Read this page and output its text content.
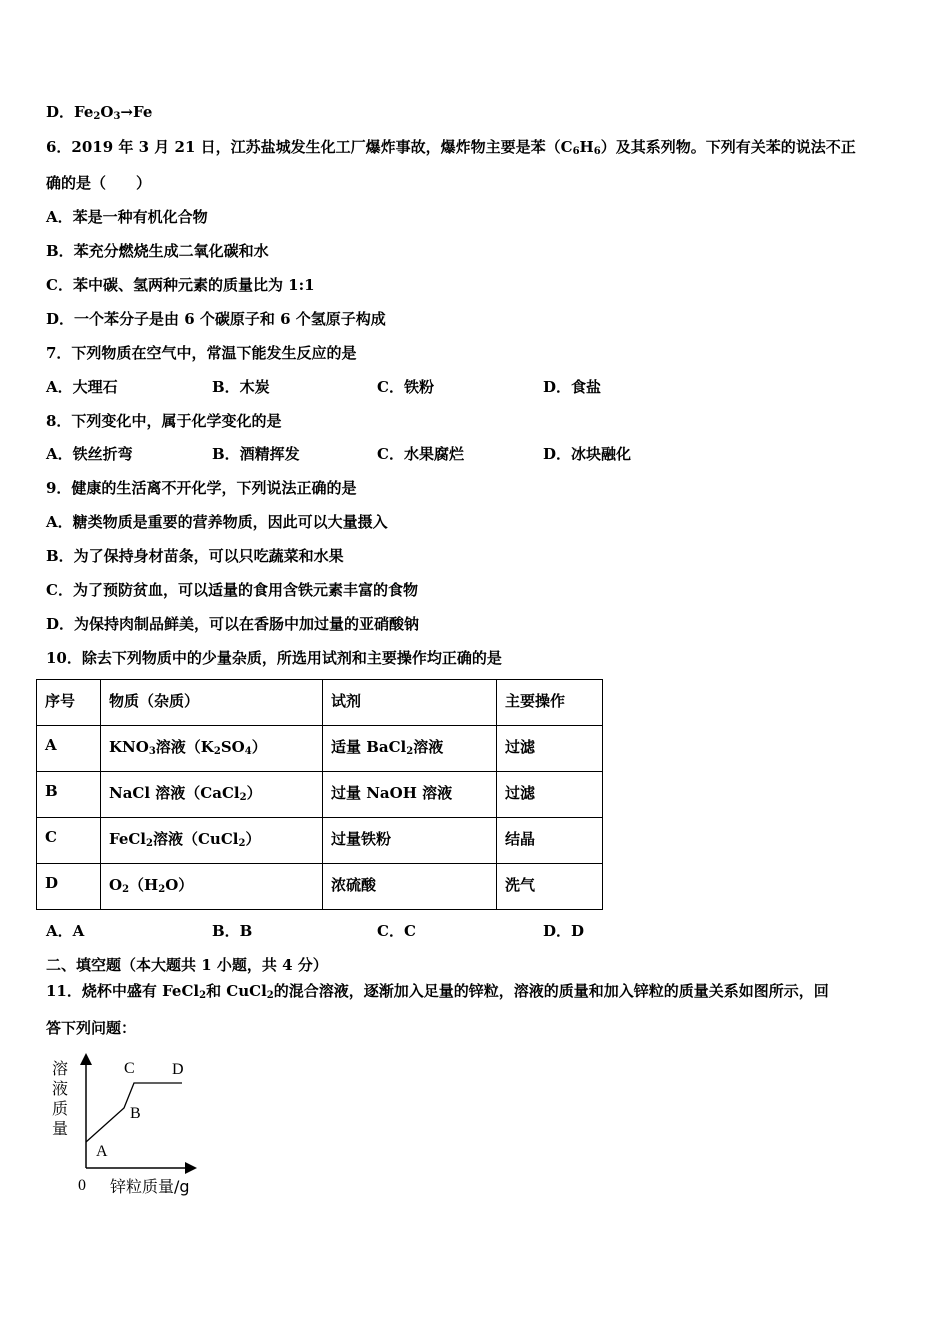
D．$Fe_2O_3\to Fe$
6．2019 年 3 月 21 日，江苏盐城发生化工厂爆炸事故，爆炸物主要是苯$(C_6H_6)$及其系列物。下列有关苯的说法不正
确的是（　　）
A．苯是一种有机化合物
B．苯充分燃烧生成二氧化碳和水
C．苯中碳、氢两种元素的质量比为 1:1
D．一个苯分子是由 6 个碳原子和 6 个氢原子构成
7．下列物质在空气中，常温下能发生反应的是
A．大理石	B．木炭	C．铁粉	D．食盐
8．下列变化中，属于化学变化的是
A．铁丝折弯	B．酒精挥发	C．水果腐烂	D．冰块融化
9．健康的生活离不开化学，下列说法正确的是
A．糖类物质是重要的营养物质，因此可以大量摄入
B．为了保持身材苗条，可以只吃蔬菜和水果
C．为了预防贫血，可以适量的食用含铁元素丰富的食物
D．为保持肉制品鲜美，可以在香肠中加过量的亚硝酸钠
10．除去下列物质中的少量杂质，所选用试剂和主要操作均正确的是
序号	物质（杂质）	试剂	主要操作
A	$KNO_3$溶液$(K_2SO_4)$	适量 BaCl$_2$溶液	过滤
B	NaCl 溶液（CaCl$_2$）	过量 NaOH 溶液	过滤
C	FeCl$_2$溶液（CuCl$_2$）	过量铁粉	结晶
D	$O_2(H_2O)$	浓硫酸	洗气
A．A	B．B	C．C	D．D
二、填空题（本大题共 1 小题，共 4 分）
11．烧杯中盛有 FeCl$_2$和 CuCl$_2$的混合溶液，逐渐加入足量的锌粒，溶液的质量和加入锌粒的质量关系如图所示，回
答下列问题：
溶
液
质
量
0 锌粒质量/g
A
B
C D
